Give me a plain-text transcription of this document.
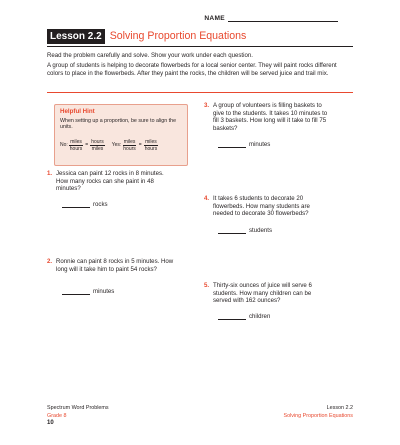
NAME
Lesson 2.2 Solving Proportion Equations
Read the problem carefully and solve. Show your work under each question.
A group of students is helping to decorate flowerbeds for a local senior center. They will paint rocks different colors to place in the flowerbeds. After they paint the rocks, the children will be served juice and trail mix.
Helpful Hint
When setting up a proportion, be sure to align the units.
No: $\frac{\text{miles}}{\text{hours}} = \frac{\text{hours}}{\text{miles}}$ Yes: $\frac{\text{miles}}{\text{hours}} = \frac{\text{miles}}{\text{hours}}$
1. Jessica can paint 12 rocks in 8 minutes. How many rocks can she paint in 48 minutes?
rocks
2. Ronnie can paint 8 rocks in 5 minutes. How long will it take him to paint 54 rocks?
minutes
3. A group of volunteers is filling baskets to give to the students. It takes 10 minutes to fill 3 baskets. How long will it take to fill 75 baskets?
minutes
4. It takes 6 students to decorate 20 flowerbeds. How many students are needed to decorate 30 flowerbeds?
students
5. Thirty-six ounces of juice will serve 6 students. How many children can be served with 162 ounces?
children
Spectrum Word Problems
Grade 8
10
Lesson 2.2
Solving Proportion Equations
